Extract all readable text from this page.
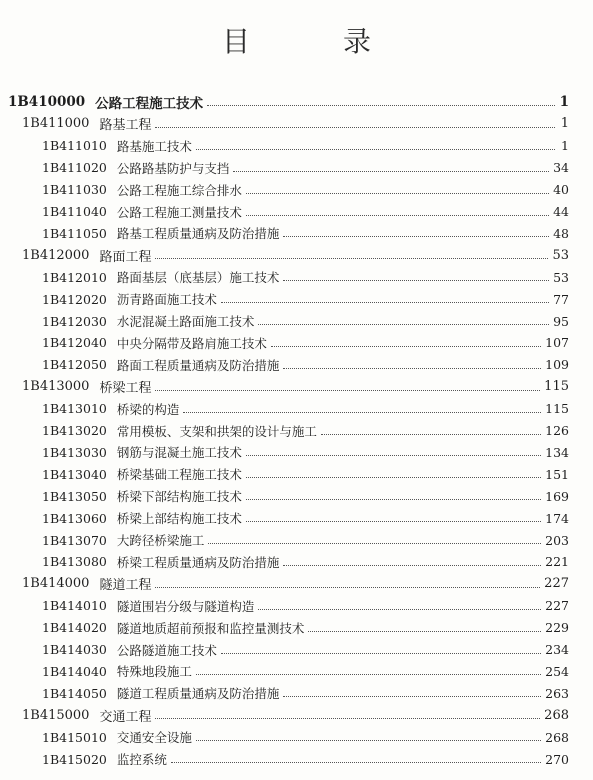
目 录
1B410000 公路工程施工技术	1
1B411000 路基工程	1
1B411010 路基施工技术	1
1B411020 公路路基防护与支挡	34
1B411030 公路工程施工综合排水	40
1B411040 公路工程施工测量技术	44
1B411050 路基工程质量通病及防治措施	48
1B412000 路面工程	53
1B412010 路面基层（底基层）施工技术	53
1B412020 沥青路面施工技术	77
1B412030 水泥混凝土路面施工技术	95
1B412040 中央分隔带及路肩施工技术	107
1B412050 路面工程质量通病及防治措施	109
1B413000 桥梁工程	115
1B413010 桥梁的构造	115
1B413020 常用模板、支架和拱架的设计与施工	126
1B413030 钢筋与混凝土施工技术	134
1B413040 桥梁基础工程施工技术	151
1B413050 桥梁下部结构施工技术	169
1B413060 桥梁上部结构施工技术	174
1B413070 大跨径桥梁施工	203
1B413080 桥梁工程质量通病及防治措施	221
1B414000 隧道工程	227
1B414010 隧道围岩分级与隧道构造	227
1B414020 隧道地质超前预报和监控量测技术	229
1B414030 公路隧道施工技术	234
1B414040 特殊地段施工	254
1B414050 隧道工程质量通病及防治措施	263
1B415000 交通工程	268
1B415010 交通安全设施	268
1B415020 监控系统	270
